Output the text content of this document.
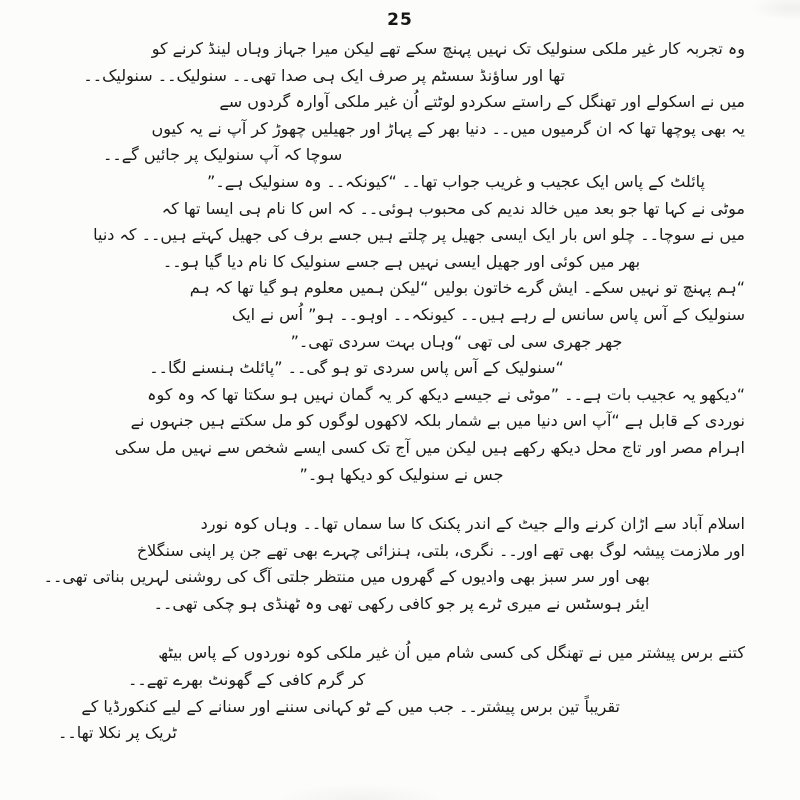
25
وہ تجربہ کار غیر ملکی سنولیک تک نہیں پہنچ سکے تھے لیکن میرا جہاز وہاں لینڈ کرنے کو
تھا اور ساؤنڈ سسٹم پر صرف ایک ہی صدا تھی۔۔ سنولیک۔۔ سنولیک۔۔
میں نے اسکولے اور تھنگل کے راستے سکردو لوٹتے اُن غیر ملکی آوارہ گردوں سے
یہ بھی پوچھا تھا کہ ان گرمیوں میں۔۔ دنیا بھر کے پہاڑ اور جھیلیں چھوڑ کر آپ نے یہ کیوں
سوچا کہ آپ سنولیک پر جائیں گے۔۔
پائلٹ کے پاس ایک عجیب و غریب جواب تھا۔۔ “کیونکہ۔۔ وہ سنولیک ہے۔”
موٹی نے کہا تھا جو بعد میں خالد ندیم کی محبوب ہوئی۔۔ کہ اس کا نام ہی ایسا تھا کہ
میں نے سوچا۔۔ چلو اس بار ایک ایسی جھیل پر چلتے ہیں جسے برف کی جھیل کہتے ہیں۔۔ کہ دنیا
بھر میں کوئی اور جھیل ایسی نہیں ہے جسے سنولیک کا نام دیا گیا ہو۔۔
“ہم پہنچ تو نہیں سکے۔ ایش گرے خاتون بولیں “لیکن ہمیں معلوم ہو گیا تھا کہ ہم
سنولیک کے آس پاس سانس لے رہے ہیں۔۔ کیونکہ۔۔ اوہو۔۔ ہو” اُس نے ایک
جھر جھری سی لی تھی “وہاں بہت سردی تھی۔”
“سنولیک کے آس پاس سردی تو ہو گی۔۔ ”پائلٹ ہنسنے لگا۔۔
“دیکھو یہ عجیب بات ہے۔۔ ”موٹی نے جیسے دیکھ کر یہ گمان نہیں ہو سکتا تھا کہ وہ کوہ
نوردی کے قابل ہے “آپ اس دنیا میں بے شمار بلکہ لاکھوں لوگوں کو مل سکتے ہیں جنہوں نے
اہرام مصر اور تاج محل دیکھ رکھے ہیں لیکن میں آج تک کسی ایسے شخص سے نہیں مل سکی
جس نے سنولیک کو دیکھا ہو۔”
اسلام آباد سے اڑان کرنے والے جیٹ کے اندر پکنک کا سا سماں تھا۔۔ وہاں کوہ نورد
اور ملازمت پیشہ لوگ بھی تھے اور۔۔ نگری، بلتی، ہنزائی چہرے بھی تھے جن پر اپنی سنگلاخ
بھی اور سر سبز بھی وادیوں کے گھروں میں منتظر جلتی آگ کی روشنی لہریں بناتی تھی۔۔
ایئر ہوسٹس نے میری ٹرے پر جو کافی رکھی تھی وہ ٹھنڈی ہو چکی تھی۔۔
کتنے برس پیشتر میں نے تھنگل کی کسی شام میں اُن غیر ملکی کوہ نوردوں کے پاس بیٹھ
کر گرم کافی کے گھونٹ بھرے تھے۔۔
تقریباً تین برس پیشتر۔۔ جب میں کے ٹو کہانی سننے اور سنانے کے لیے کنکورڈیا کے
ٹریک پر نکلا تھا۔۔
